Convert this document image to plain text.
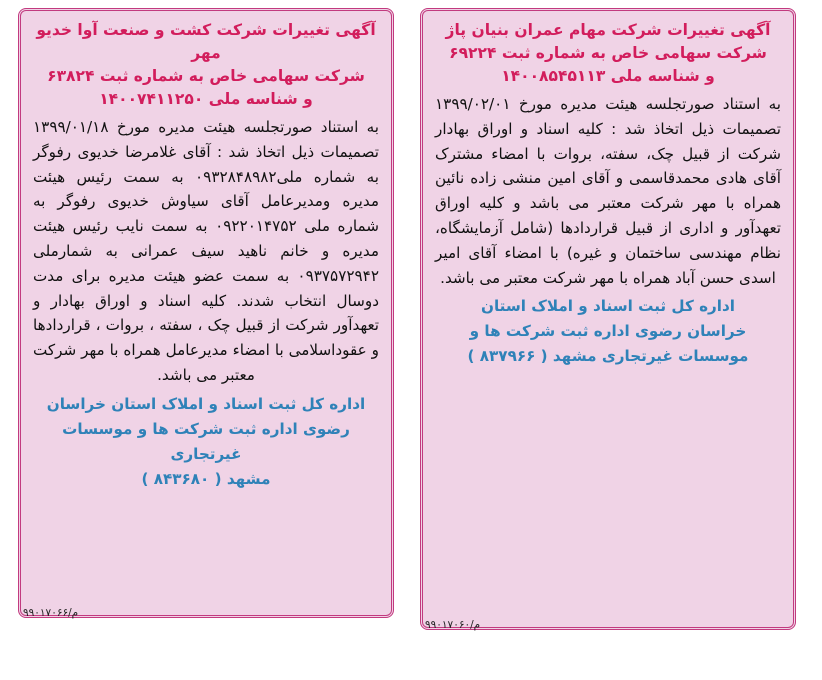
آگهی تغییرات شرکت کشت و صنعت آوا خدیو مهر
شرکت سهامی خاص به شماره ثبت ۶۳۸۲۴
و شناسه ملی ۱۴۰۰۷۴۱۱۲۵۰

به استناد صورتجلسه هیئت مدیره مورخ ۱۳۹۹/۰۱/۱۸ تصمیمات ذیل اتخاذ شد : آقای غلامرضا خدیوی رفوگر به شماره ملی۰۹۳۲۸۴۸۹۸۲ به سمت رئیس هیئت مدیره ومدیرعامل آقای سیاوش خدیوی رفوگر به شماره ملی ۰۹۲۲۰۱۴۷۵۲ به سمت نایب رئیس هیئت مدیره و خانم ناهید سیف عمرانی به شمارملی ۰۹۳۷۵۷۲۹۴۲ به سمت عضو هیئت مدیره برای مدت دوسال انتخاب شدند. کلیه اسناد و اوراق بهادار و تعهدآور شرکت از قبیل چک ، سفته ، بروات ، قراردادها و عقوداسلامی با امضاء مدیرعامل همراه با مهر شرکت معتبر می باشد.

اداره کل ثبت اسناد و املاک استان خراسان
رضوی اداره ثبت شرکت ها و موسسات غیرتجاری
مشهد ( ۸۴۳۶۸۰ )
م/۹۹۰۱۷۰۶۶
آگهی تغییرات شرکت مهام عمران بنیان پاژ
شرکت سهامی خاص به شماره ثبت ۶۹۲۲۴
و شناسه ملی ۱۴۰۰۸۵۴۵۱۱۳

به استناد صورتجلسه هیئت مدیره مورخ ۱۳۹۹/۰۲/۰۱ تصمیمات ذیل اتخاذ شد : کلیه اسناد و اوراق بهادار شرکت از قبیل چک، سفته، بروات با امضاء مشترک آقای هادی محمدقاسمی و آقای امین منشی زاده نائین همراه با مهر شرکت معتبر می باشد و کلیه اوراق تعهدآور و اداری از قبیل قراردادها (شامل آزمایشگاه، نظام مهندسی ساختمان و غیره) با امضاء آقای امیر اسدی حسن آباد همراه با مهر شرکت معتبر می باشد.

اداره کل ثبت اسناد و املاک استان
خراسان رضوی اداره ثبت شرکت ها و
موسسات غیرتجاری مشهد ( ۸۳۷۹۶۶ )
م/۹۹۰۱۷۰۶۰
